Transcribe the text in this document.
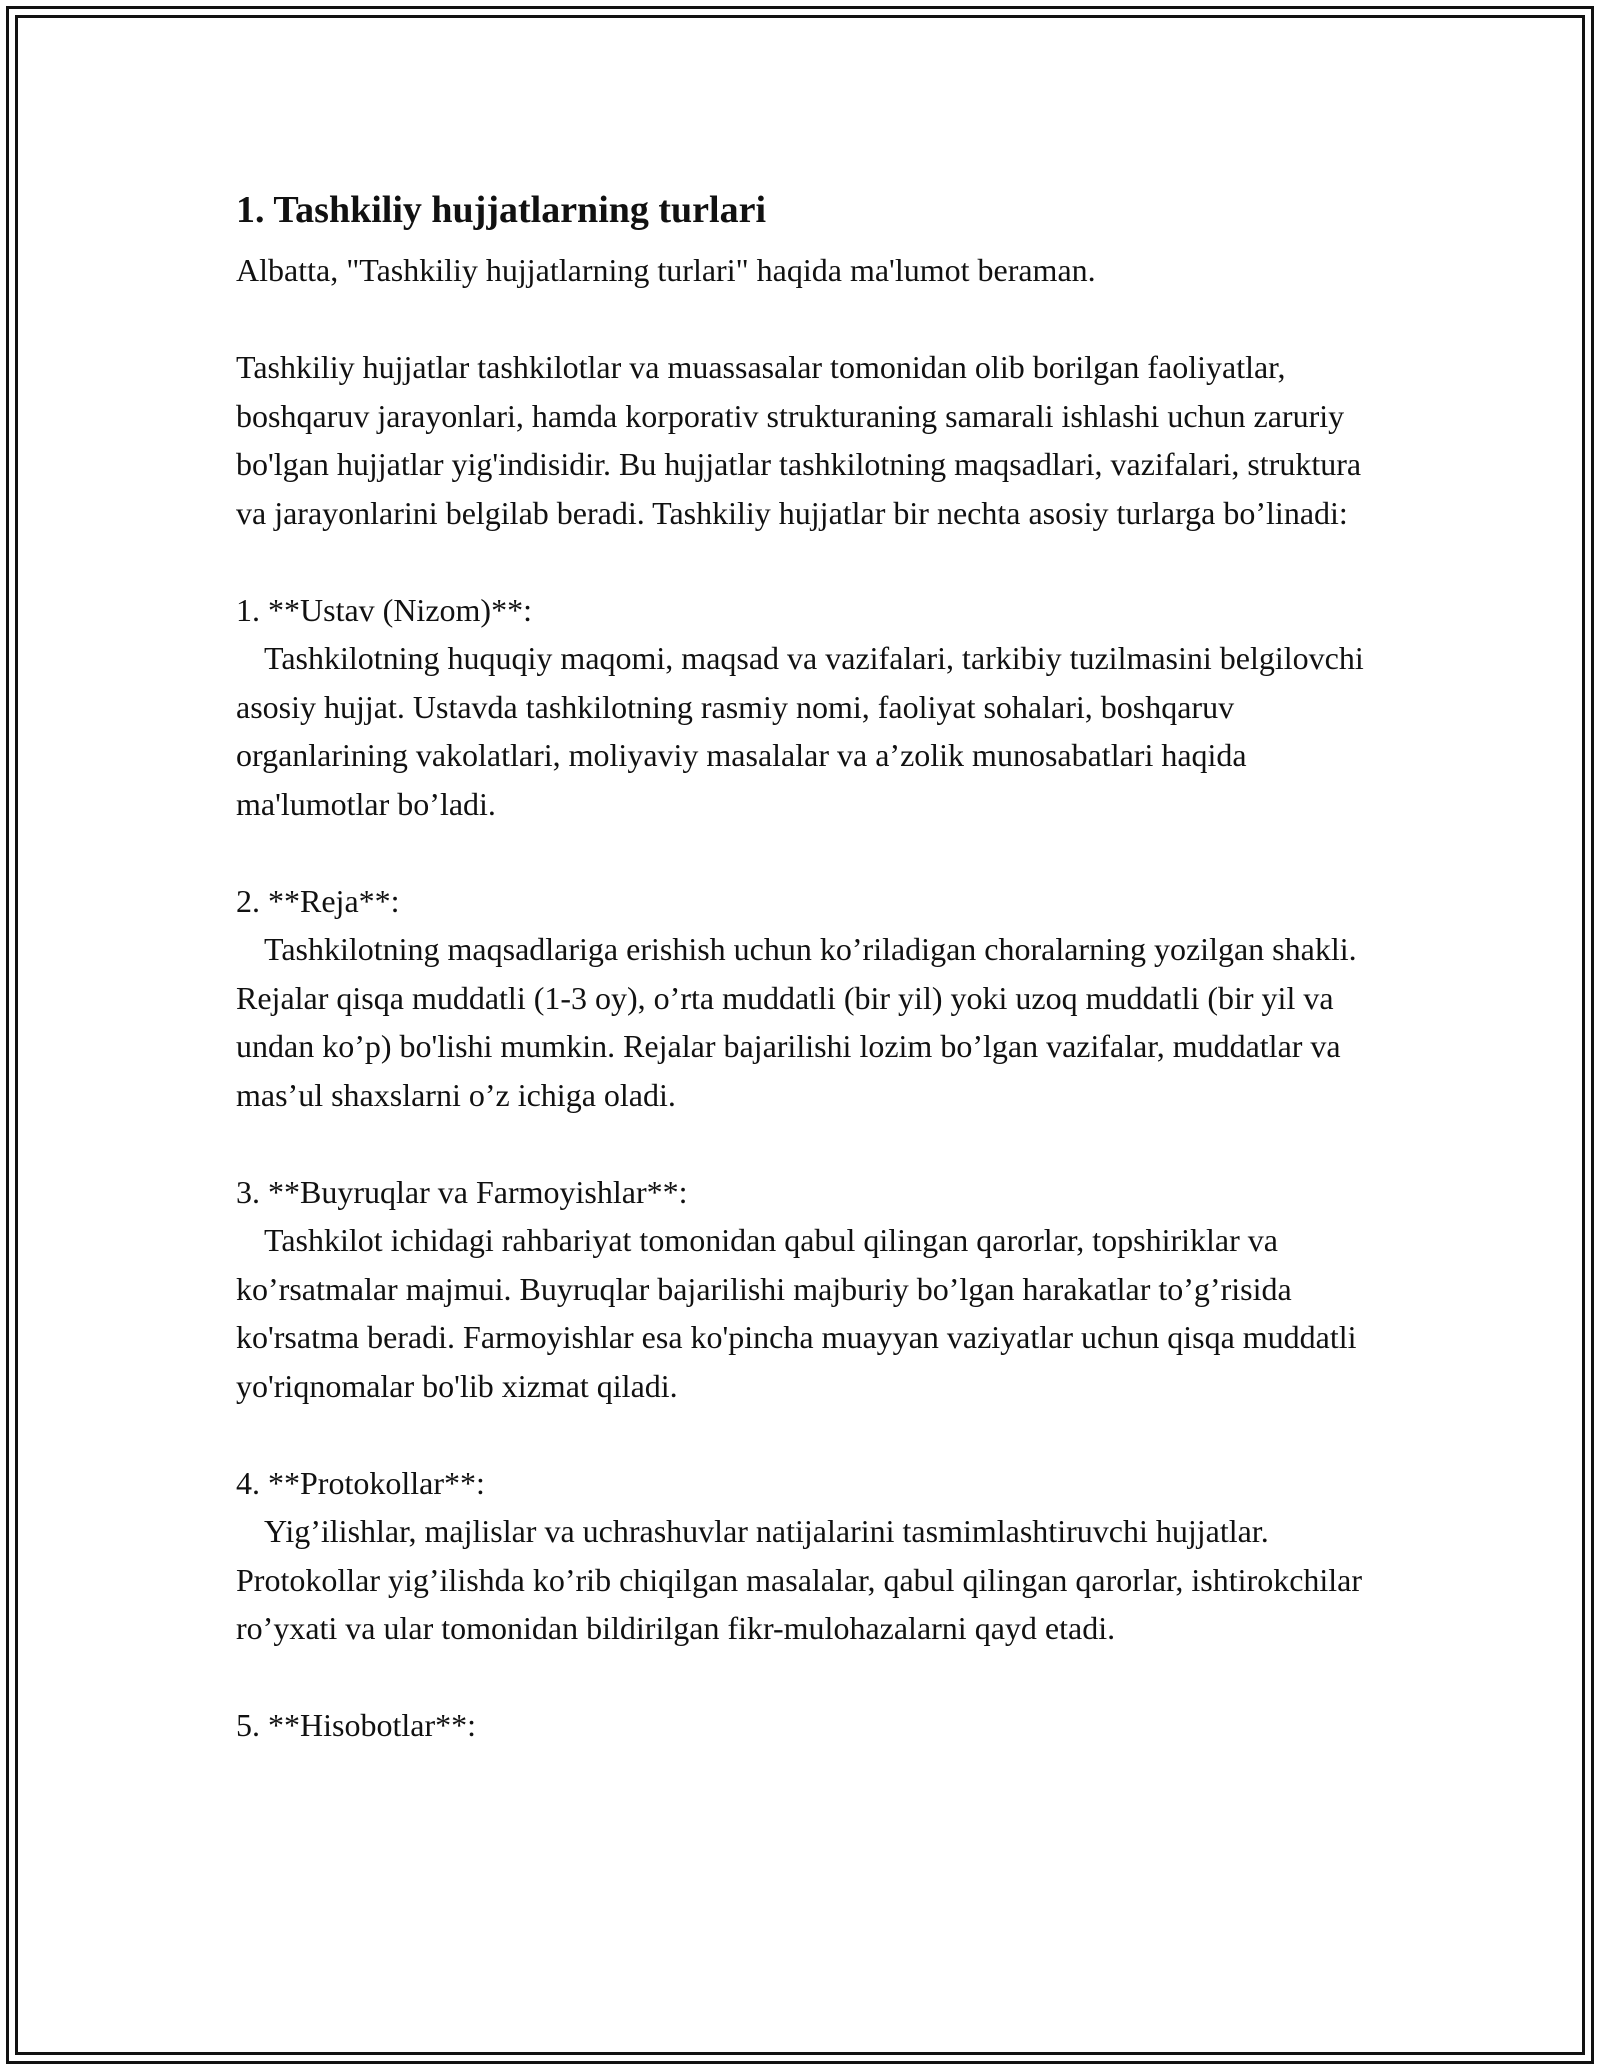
1. Tashkiliy hujjatlarning turlari

Albatta, "Tashkiliy hujjatlarning turlari" haqida ma'lumot beraman.

Tashkiliy hujjatlar tashkilotlar va muassasalar tomonidan olib borilgan faoliyatlar, boshqaruv jarayonlari, hamda korporativ strukturaning samarali ishlashi uchun zaruriy bo'lgan hujjatlar yig'indisidir. Bu hujjatlar tashkilotning maqsadlari, vazifalari, struktura va jarayonlarini belgilab beradi. Tashkiliy hujjatlar bir nechta asosiy turlarga bo’linadi:

1. **Ustav (Nizom)**:

Tashkilotning huquqiy maqomi, maqsad va vazifalari, tarkibiy tuzilmasini belgilovchi asosiy hujjat. Ustavda tashkilotning rasmiy nomi, faoliyat sohalari, boshqaruv organlarining vakolatlari, moliyaviy masalalar va a’zolik munosabatlari haqida ma'lumotlar bo’ladi.

2. **Reja**:

Tashkilotning maqsadlariga erishish uchun ko’riladigan choralarning yozilgan shakli. Rejalar qisqa muddatli (1-3 oy), o’rta muddatli (bir yil) yoki uzoq muddatli (bir yil va undan ko’p) bo'lishi mumkin. Rejalar bajarilishi lozim bo’lgan vazifalar, muddatlar va mas’ul shaxslarni o’z ichiga oladi.

3. **Buyruqlar va Farmoyishlar**:

Tashkilot ichidagi rahbariyat tomonidan qabul qilingan qarorlar, topshiriklar va ko’rsatmalar majmui. Buyruqlar bajarilishi majburiy bo’lgan harakatlar to’g’risida ko'rsatma beradi. Farmoyishlar esa ko'pincha muayyan vaziyatlar uchun qisqa muddatli yo'riqnomalar bo'lib xizmat qiladi.

4. **Protokollar**:

Yig’ilishlar, majlislar va uchrashuvlar natijalarini tasmimlashtiruvchi hujjatlar. Protokollar yig’ilishda ko’rib chiqilgan masalalar, qabul qilingan qarorlar, ishtirokchilar ro’yxati va ular tomonidan bildirilgan fikr-mulohazalarni qayd etadi.

5. **Hisobotlar**:
